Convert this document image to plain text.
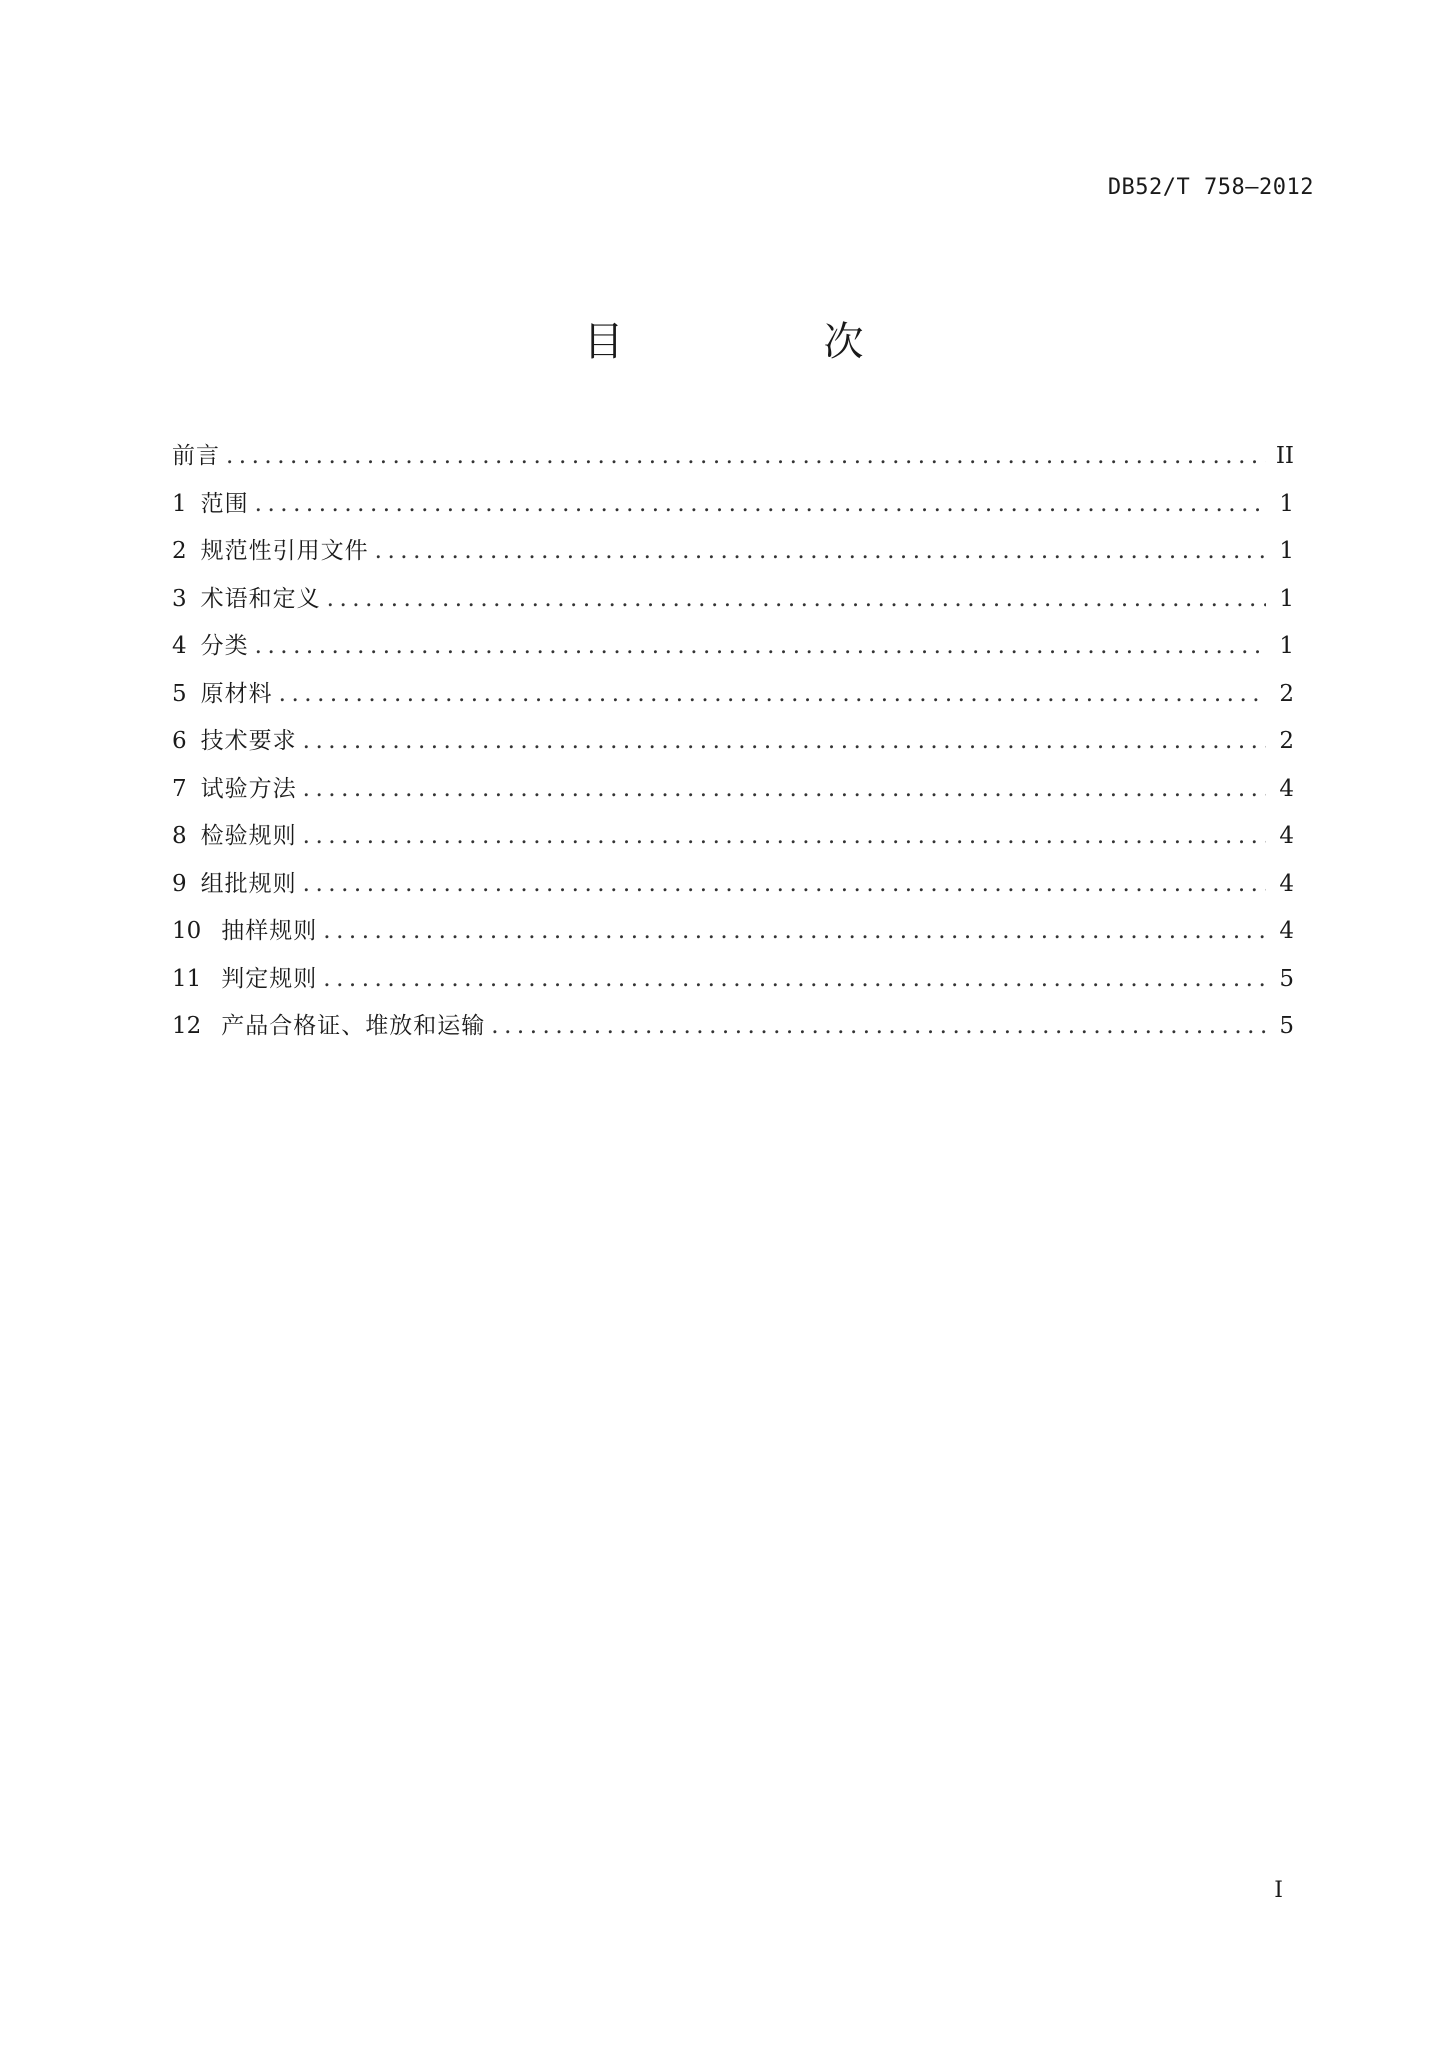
DB52/T 758—2012
目　次
前言 .....	II
1 范围 .....	1
2 规范性引用文件 .....	1
3 术语和定义 .....	1
4 分类 .....	1
5 原材料 .....	2
6 技术要求 .....	2
7 试验方法 .....	4
8 检验规则 .....	4
9 组批规则 .....	4
10 抽样规则 .....	4
11 判定规则 .....	5
12 产品合格证、堆放和运输 .....	5
I
